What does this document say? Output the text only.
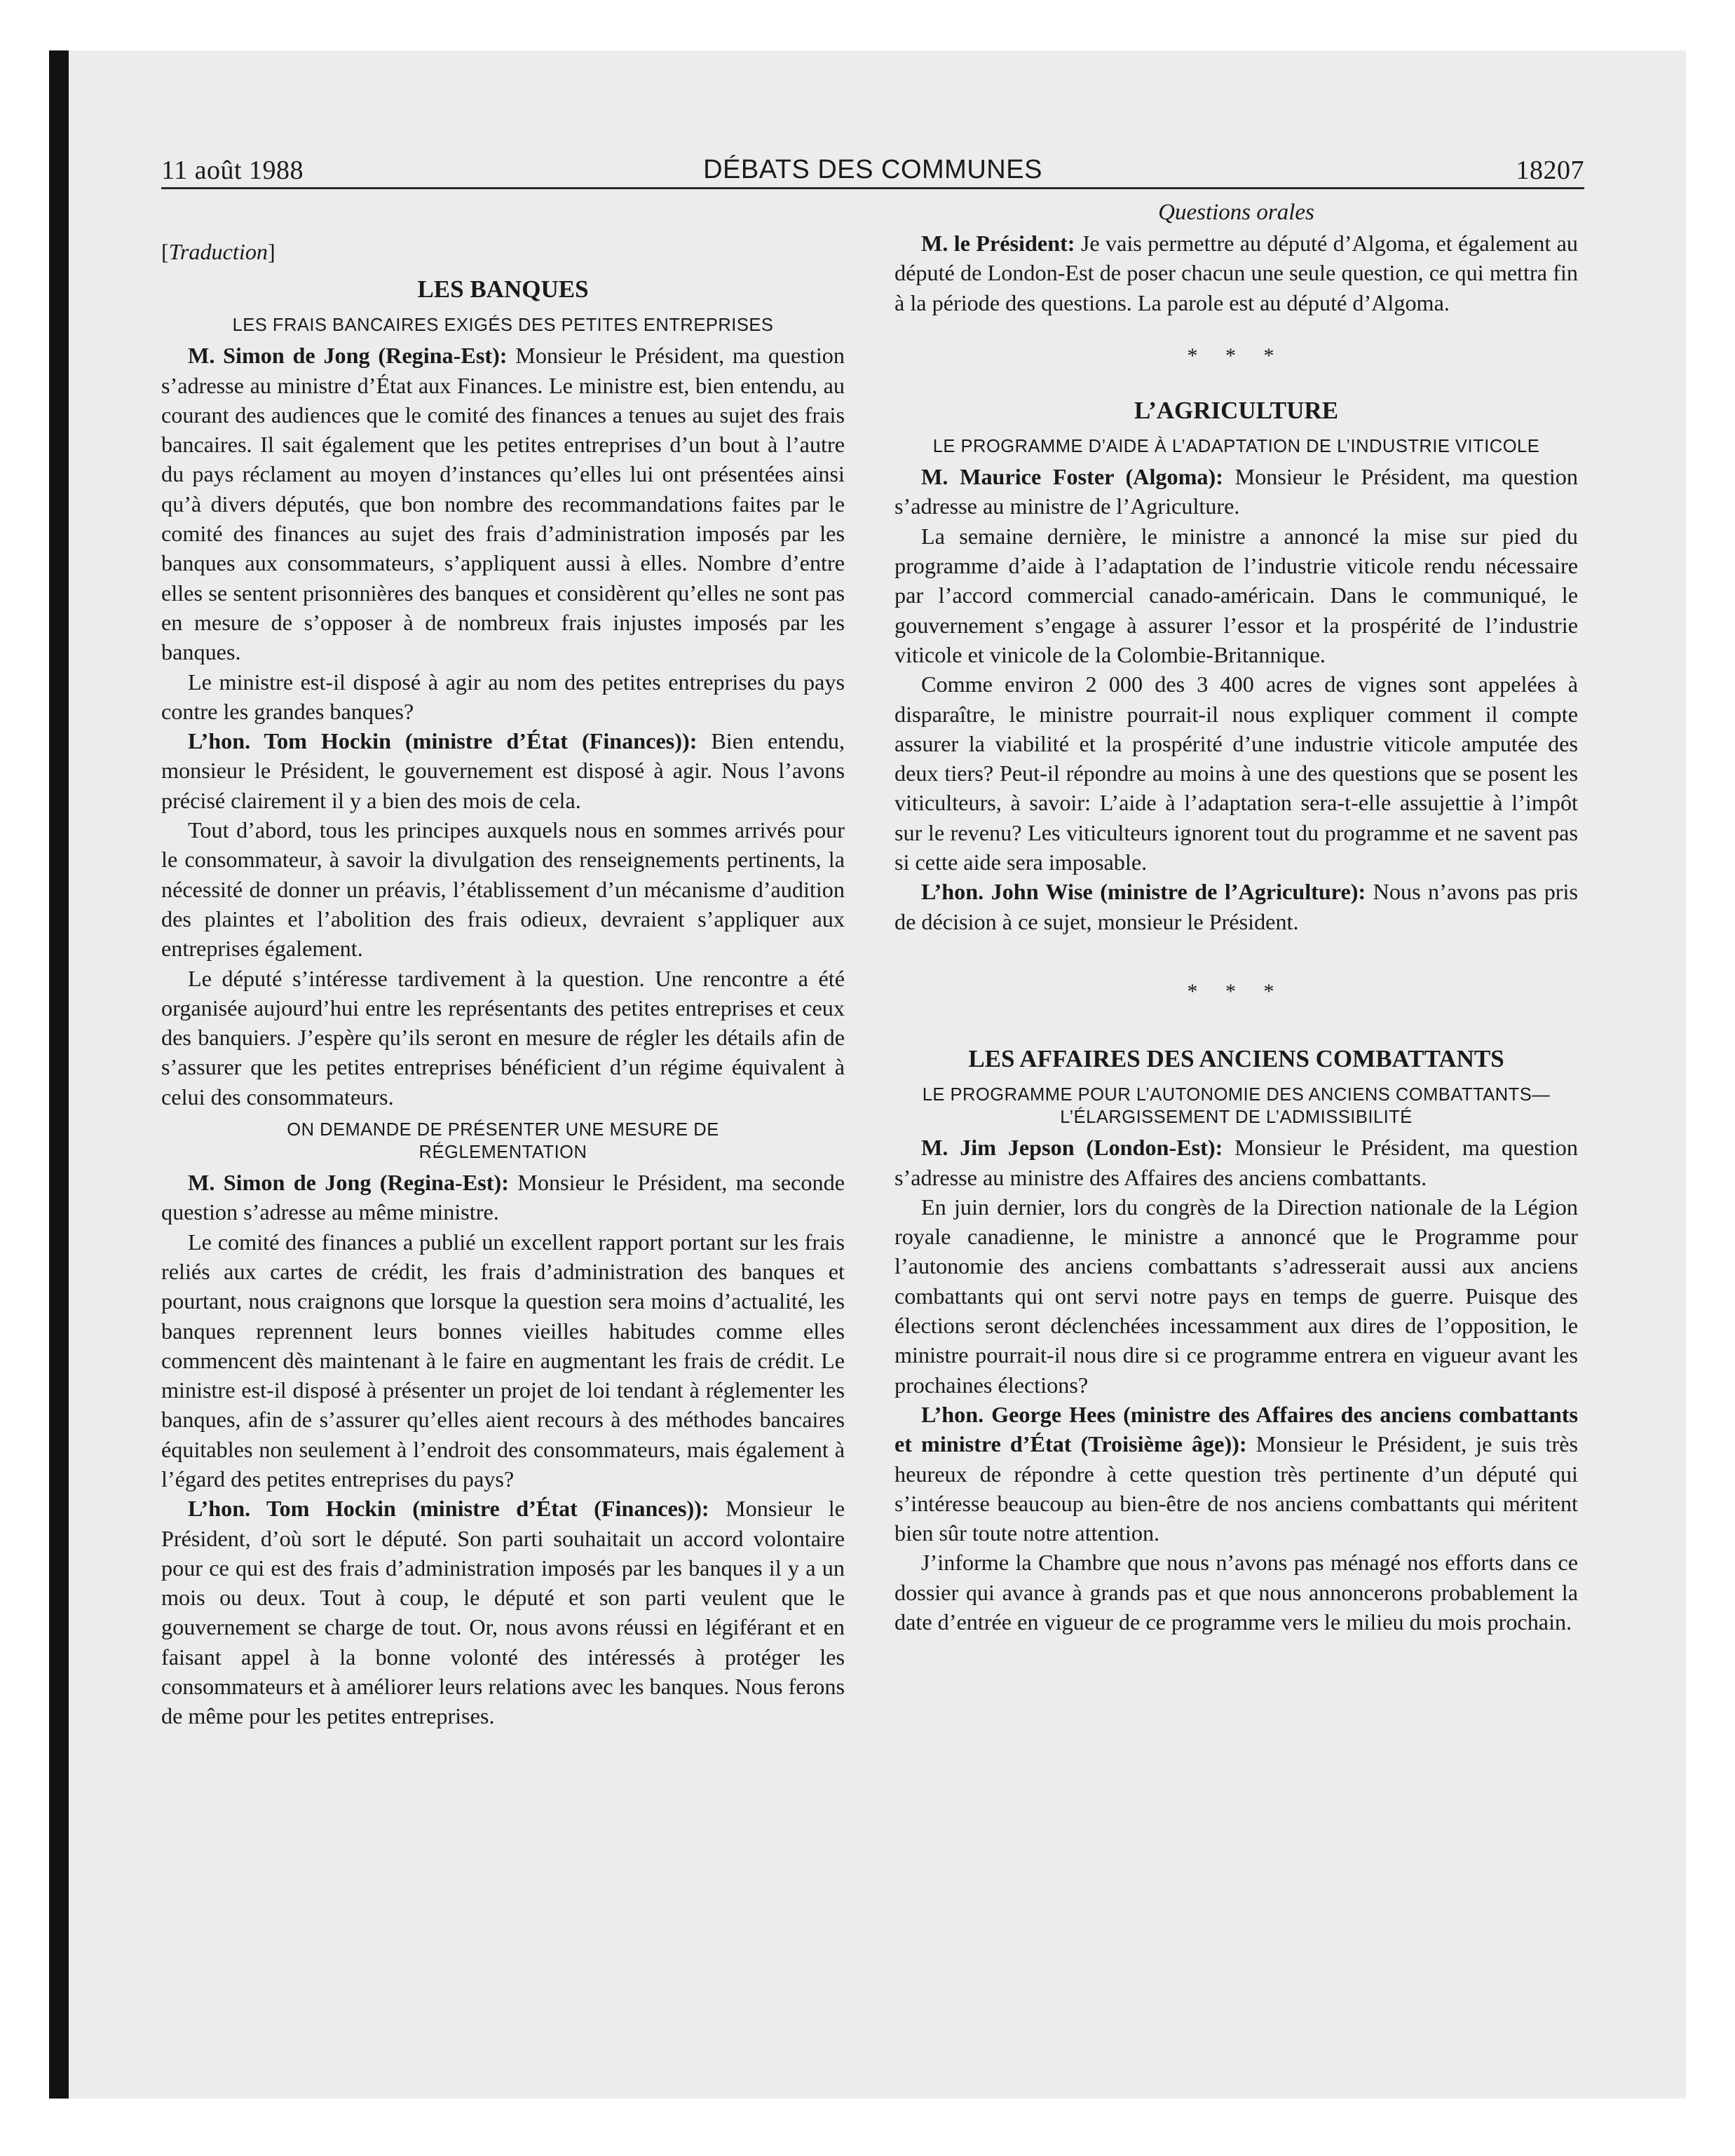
11 août 1988	DÉBATS DES COMMUNES	18207
[Traduction]
LES BANQUES
LES FRAIS BANCAIRES EXIGÉS DES PETITES ENTREPRISES

M. Simon de Jong (Regina-Est): Monsieur le Président, ma question s’adresse au ministre d’État aux Finances. Le ministre est, bien entendu, au courant des audiences que le comité des finances a tenues au sujet des frais bancaires. Il sait également que les petites entreprises d’un bout à l’autre du pays réclament au moyen d’instances qu’elles lui ont présentées ainsi qu’à divers députés, que bon nombre des recommandations faites par le comité des finances au sujet des frais d’administration imposés par les banques aux consommateurs, s’appliquent aussi à elles. Nombre d’entre elles se sentent prisonnières des banques et considèrent qu’elles ne sont pas en mesure de s’opposer à de nombreux frais injustes imposés par les banques.

Le ministre est-il disposé à agir au nom des petites entreprises du pays contre les grandes banques?

L’hon. Tom Hockin (ministre d’État (Finances)): Bien entendu, monsieur le Président, le gouvernement est disposé à agir. Nous l’avons précisé clairement il y a bien des mois de cela.

Tout d’abord, tous les principes auxquels nous en sommes arrivés pour le consommateur, à savoir la divulgation des renseignements pertinents, la nécessité de donner un préavis, l’établissement d’un mécanisme d’audition des plaintes et l’abolition des frais odieux, devraient s’appliquer aux entreprises également.

Le député s’intéresse tardivement à la question. Une rencontre a été organisée aujourd’hui entre les représentants des petites entreprises et ceux des banquiers. J’espère qu’ils seront en mesure de régler les détails afin de s’assurer que les petites entreprises bénéficient d’un régime équivalent à celui des consommateurs.

ON DEMANDE DE PRÉSENTER UNE MESURE DE RÉGLEMENTATION

M. Simon de Jong (Regina-Est): Monsieur le Président, ma seconde question s’adresse au même ministre.

Le comité des finances a publié un excellent rapport portant sur les frais reliés aux cartes de crédit, les frais d’administration des banques et pourtant, nous craignons que lorsque la question sera moins d’actualité, les banques reprennent leurs bonnes vieilles habitudes comme elles commencent dès maintenant à le faire en augmentant les frais de crédit. Le ministre est-il disposé à présenter un projet de loi tendant à réglementer les banques, afin de s’assurer qu’elles aient recours à des méthodes bancaires équitables non seulement à l’endroit des consommateurs, mais également à l’égard des petites entreprises du pays?

L’hon. Tom Hockin (ministre d’État (Finances)): Monsieur le Président, d’où sort le député. Son parti souhaitait un accord volontaire pour ce qui est des frais d’administration imposés par les banques il y a un mois ou deux. Tout à coup, le député et son parti veulent que le gouvernement se charge de tout. Or, nous avons réussi en légiférant et en faisant appel à la bonne volonté des intéressés à protéger les consommateurs et à améliorer leurs relations avec les banques. Nous ferons de même pour les petites entreprises.

Questions orales

M. le Président: Je vais permettre au député d’Algoma, et également au député de London-Est de poser chacun une seule question, ce qui mettra fin à la période des questions. La parole est au député d’Algoma.

* * *
L’AGRICULTURE
LE PROGRAMME D’AIDE À L’ADAPTATION DE L’INDUSTRIE VITICOLE

M. Maurice Foster (Algoma): Monsieur le Président, ma question s’adresse au ministre de l’Agriculture.

La semaine dernière, le ministre a annoncé la mise sur pied du programme d’aide à l’adaptation de l’industrie viticole rendu nécessaire par l’accord commercial canado-américain. Dans le communiqué, le gouvernement s’engage à assurer l’essor et la prospérité de l’industrie viticole et vinicole de la Colombie-Britannique.

Comme environ 2 000 des 3 400 acres de vignes sont appelées à disparaître, le ministre pourrait-il nous expliquer comment il compte assurer la viabilité et la prospérité d’une industrie viticole amputée des deux tiers? Peut-il répondre au moins à une des questions que se posent les viticulteurs, à savoir: L’aide à l’adaptation sera-t-elle assujettie à l’impôt sur le revenu? Les viticulteurs ignorent tout du programme et ne savent pas si cette aide sera imposable.

L’hon. John Wise (ministre de l’Agriculture): Nous n’avons pas pris de décision à ce sujet, monsieur le Président.

* * *
LES AFFAIRES DES ANCIENS COMBATTANTS
LE PROGRAMME POUR L’AUTONOMIE DES ANCIENS COMBATTANTS—L’ÉLARGISSEMENT DE L’ADMISSIBILITÉ

M. Jim Jepson (London-Est): Monsieur le Président, ma question s’adresse au ministre des Affaires des anciens combattants.

En juin dernier, lors du congrès de la Direction nationale de la Légion royale canadienne, le ministre a annoncé que le Programme pour l’autonomie des anciens combattants s’adresserait aussi aux anciens combattants qui ont servi notre pays en temps de guerre. Puisque des élections seront déclenchées incessamment aux dires de l’opposition, le ministre pourrait-il nous dire si ce programme entrera en vigueur avant les prochaines élections?

L’hon. George Hees (ministre des Affaires des anciens combattants et ministre d’État (Troisième âge)): Monsieur le Président, je suis très heureux de répondre à cette question très pertinente d’un député qui s’intéresse beaucoup au bien-être de nos anciens combattants qui méritent bien sûr toute notre attention.

J’informe la Chambre que nous n’avons pas ménagé nos efforts dans ce dossier qui avance à grands pas et que nous annoncerons probablement la date d’entrée en vigueur de ce programme vers le milieu du mois prochain.
